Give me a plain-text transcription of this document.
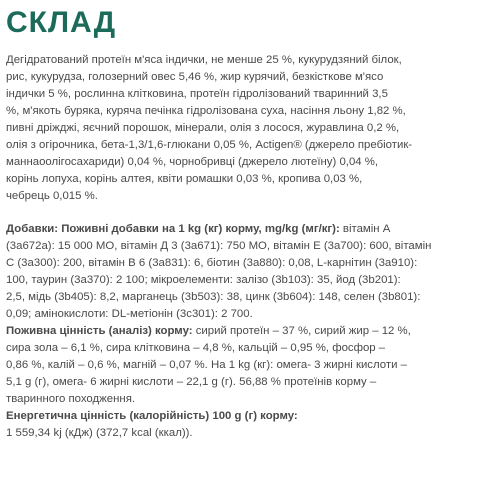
СКЛАД

Дегідратований протеїн м'яса індички, не менше 25 %, кукурудзяний білок,
рис, кукурудза, голозерний овес 5,46 %, жир курячий, безкісткове м'ясо
індички 5 %, рослинна клітковина, протеїн гідролізований тваринний 3,5
%, м'якоть буряка, куряча печінка гідролізована суха, насіння льону 1,82 %,
пивні дріжджі, яєчний порошок, мінерали, олія з лосося, журавлина 0,2 %,
олія з огірочника, бета-1,3/1,6-глюкани 0,05 %, Actigen® (джерело пребіотик-
маннаоолігосахариди) 0,04 %, чорнобривці (джерело лютеїну) 0,04 %,
корінь лопуха, корінь алтея, квіти ромашки 0,03 %, кропива 0,03 %,
чебрець 0,015 %.

Добавки: Поживні добавки на 1 kg (кг) корму, mg/kg (мг/кг): вітамін А
(3a672a): 15 000 МО, вітамін Д 3 (3a671): 750 МО, вітамін Е (3a700): 600, вітамін
С (3a300): 200, вітамін В 6 (3a831): 6, біотин (3a880): 0,08, L-карнітин (3a910):
100, таурин (3a370): 2 100; мікроелементи: залізо (3b103): 35, йод (3b201):
2,5, мідь (3b405): 8,2, марганець (3b503): 38, цинк (3b604): 148, селен (3b801):
0,09; амінокислоти: DL-метіонін (3c301): 2 700.
Поживна цінність (аналіз) корму: сирий протеїн – 37 %, сирий жир – 12 %,
сира зола – 6,1 %, сира клітковина – 4,8 %, кальцій – 0,95 %, фосфор –
0,86 %, калій – 0,6 %, магній – 0,07 %. На 1 kg (кг): омега- 3 жирні кислоти –
5,1 g (г), омега- 6 жирні кислоти – 22,1 g (г). 56,88 % протеїнів корму –
тваринного походження.
Енергетична цінність (калорійність) 100 g (г) корму:
1 559,34 kj (кДж) (372,7 kcal (ккал)).
